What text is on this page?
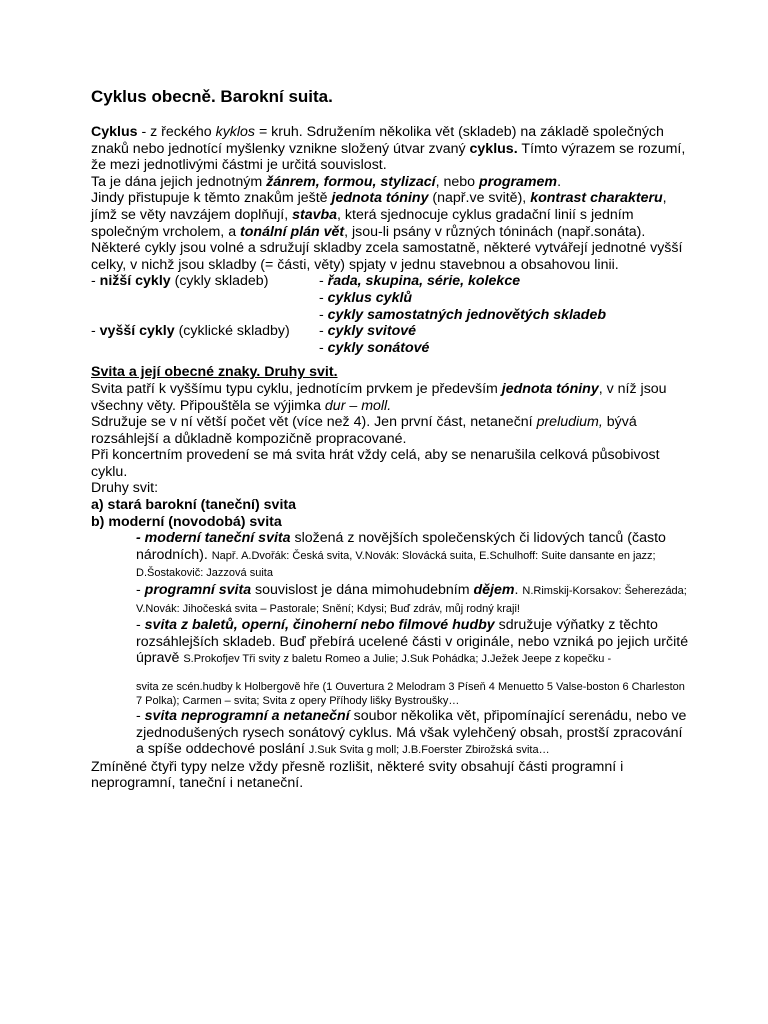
Cyklus obecně. Barokní suita.

Cyklus - z řeckého kyklos = kruh. Sdružením několika vět (skladeb) na základě společných znaků nebo jednotící myšlenky vznikne složený útvar zvaný cyklus. Tímto výrazem se rozumí, že mezi jednotlivými částmi je určitá souvislost.

Ta je dána jejich jednotným žánrem, formou, stylizací, nebo programem.

Jindy přistupuje k těmto znakům ještě jednota tóniny (např.ve svitě), kontrast charakteru, jímž se věty navzájem doplňují, stavba, která sjednocuje cyklus gradační linií s jedním společným vrcholem, a tonální plán vět, jsou-li psány v různých tóninách (např.sonáta).

Některé cykly jsou volné a sdružují skladby zcela samostatně, některé vytvářejí jednotné vyšší celky, v nichž jsou skladby (= části, věty) spjaty v jednu stavebnou a obsahovou linii.

- nižší cykly (cykly skladeb)	- řada, skupina, série, kolekce
- cyklus cyklů
- cykly samostatných jednovětých skladeb
- vyšší cykly (cyklické skladby)	- cykly svitové
- cykly sonátové

Svita a její obecné znaky. Druhy svit.

Svita patří k vyššímu typu cyklu, jednotícím prvkem je především jednota tóniny, v níž jsou všechny věty. Připouštěla se výjimka dur – moll.

Sdružuje se v ní větší počet vět (více než 4). Jen první část, netaneční preludium, bývá rozsáhlejší a důkladně kompozičně propracované.

Při koncertním provedení se má svita hrát vždy celá, aby se nenarušila celková působivost cyklu.

Druhy svit:

a) stará barokní (taneční) svita

b) moderní (novodobá) svita

- moderní taneční svita složená z novějších společenských či lidových tanců (často národních). Např. A.Dvořák: Česká svita, V.Novák: Slovácká suita, E.Schulhoff: Suite dansante en jazz; D.Šostakovič: Jazzová suita

- programní svita souvislost je dána mimohudebním dějem. N.Rimskij-Korsakov: Šeherezáda; V.Novák: Jihočeská svita – Pastorale; Snění; Kdysi; Buď zdráv, můj rodný kraji!

- svita z baletů, operní, činoherní nebo filmové hudby sdružuje výňatky z těchto rozsáhlejších skladeb. Buď přebírá ucelené části v originále, nebo vzniká po jejich určité úpravě S.Prokofjev Tři svity z baletu Romeo a Julie; J.Suk Pohádka; J.Ježek Jeepe z kopečku -

svita ze scén.hudby k Holbergově hře (1 Ouvertura 2 Melodram 3 Píseň 4 Menuetto 5 Valse-boston 6 Charleston 7 Polka); Carmen – svita; Svita z opery Příhody lišky Bystroušky…

- svita neprogramní a netaneční soubor několika vět, připomínající serenádu, nebo ve zjednodušených rysech sonátový cyklus. Má však vylehčený obsah, prostší zpracování a spíše oddechové poslání J.Suk Svita g moll; J.B.Foerster Zbirožská svita…

Zmíněné čtyři typy nelze vždy přesně rozlišit, některé svity obsahují části programní i neprogramní, taneční i netaneční.
